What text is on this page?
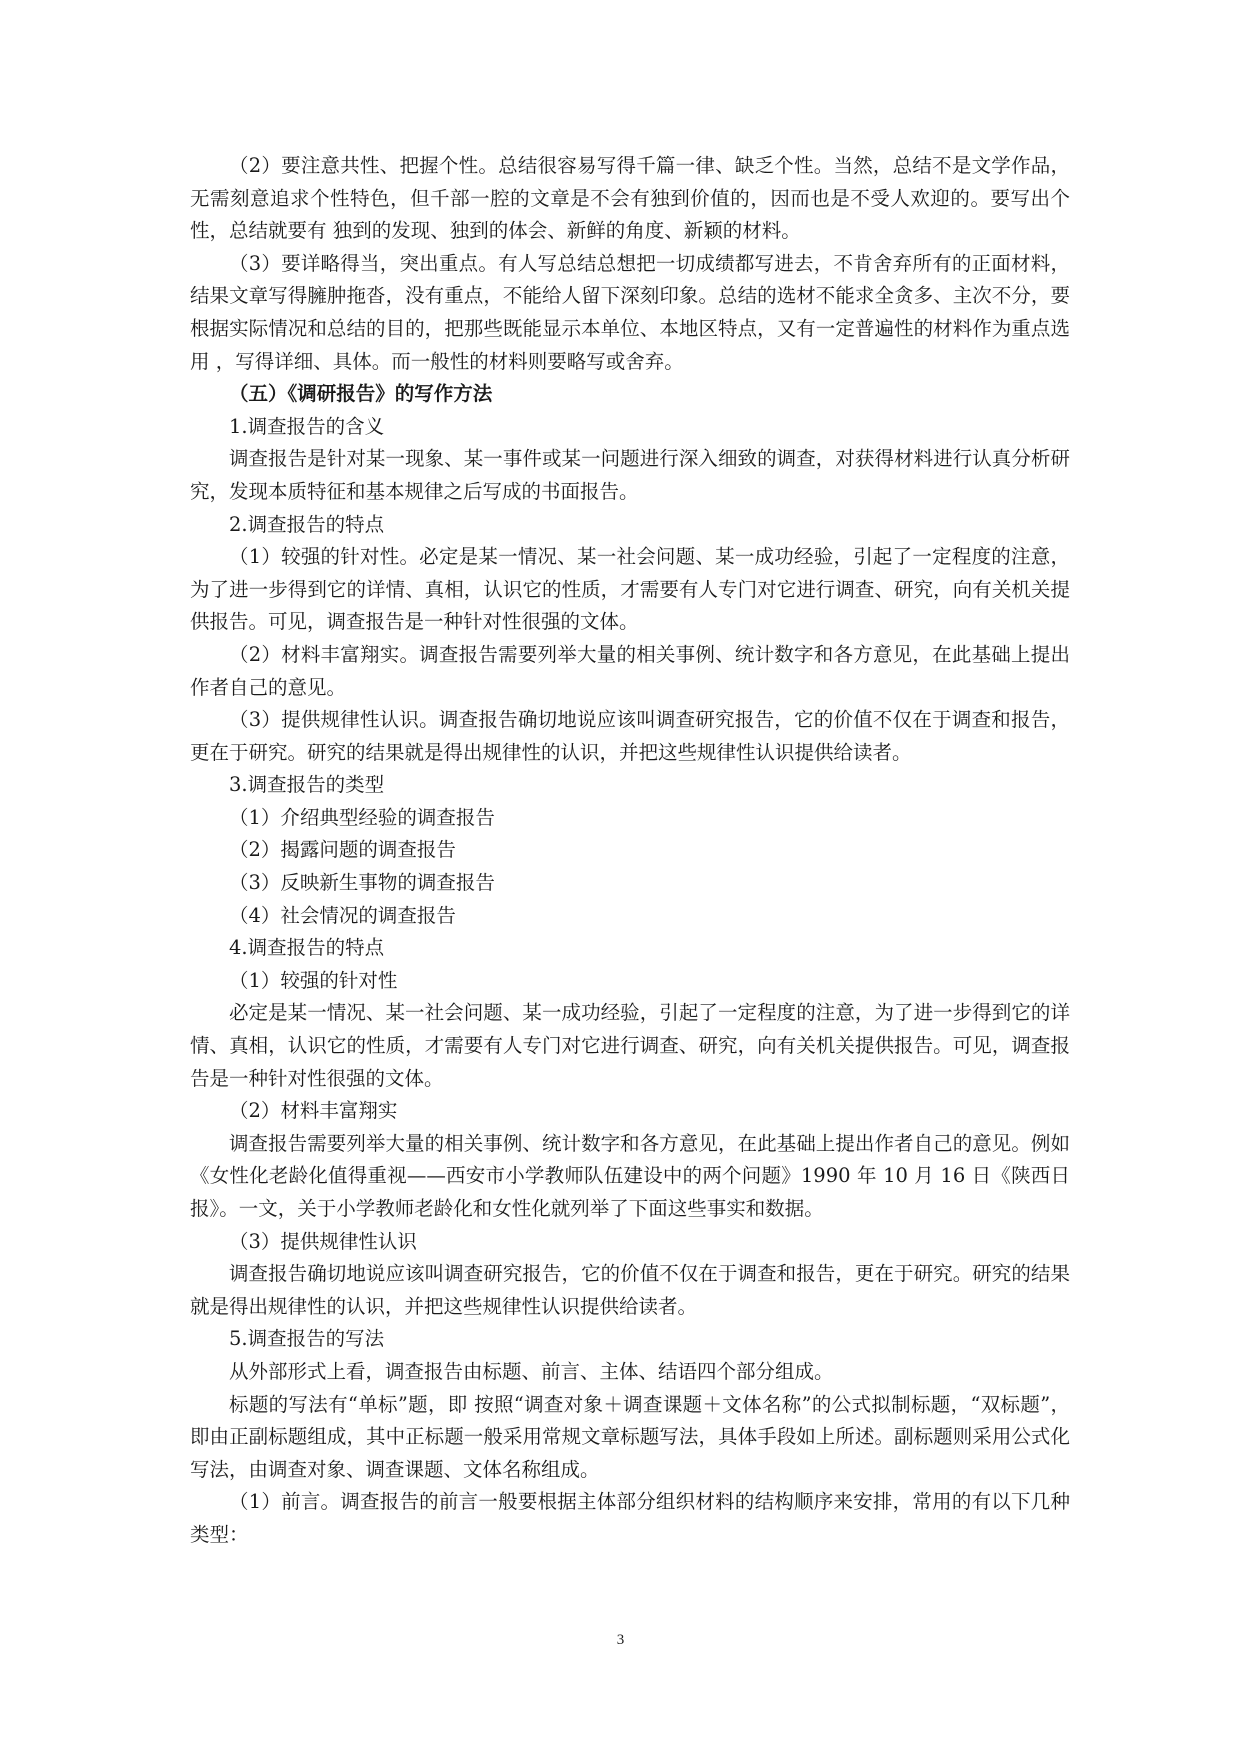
（2）要注意共性、把握个性。总结很容易写得千篇一律、缺乏个性。当然，总结不是文学作品，无需刻意追求个性特色，但千部一腔的文章是不会有独到价值的，因而也是不受人欢迎的。要写出个性，总结就要有 独到的发现、独到的体会、新鲜的角度、新颖的材料。

（3）要详略得当，突出重点。有人写总结总想把一切成绩都写进去，不肯舍弃所有的正面材料，结果文章写得臃肿拖沓，没有重点，不能给人留下深刻印象。总结的选材不能求全贪多、主次不分，要根据实际情况和总结的目的，把那些既能显示本单位、本地区特点，又有一定普遍性的材料作为重点选用 ，写得详细、具体。而一般性的材料则要略写或舍弃。

（五）《调研报告》的写作方法

1.调查报告的含义

调查报告是针对某一现象、某一事件或某一问题进行深入细致的调查，对获得材料进行认真分析研究，发现本质特征和基本规律之后写成的书面报告。

2.调查报告的特点

（1）较强的针对性。必定是某一情况、某一社会问题、某一成功经验，引起了一定程度的注意，为了进一步得到它的详情、真相，认识它的性质，才需要有人专门对它进行调查、研究，向有关机关提供报告。可见，调查报告是一种针对性很强的文体。

（2）材料丰富翔实。调查报告需要列举大量的相关事例、统计数字和各方意见，在此基础上提出作者自己的意见。

（3）提供规律性认识。调查报告确切地说应该叫调查研究报告，它的价值不仅在于调查和报告，更在于研究。研究的结果就是得出规律性的认识，并把这些规律性认识提供给读者。

3.调查报告的类型

（1）介绍典型经验的调查报告

（2）揭露问题的调查报告

（3）反映新生事物的调查报告

（4）社会情况的调查报告

4.调查报告的特点

（1）较强的针对性

必定是某一情况、某一社会问题、某一成功经验，引起了一定程度的注意，为了进一步得到它的详情、真相，认识它的性质，才需要有人专门对它进行调查、研究，向有关机关提供报告。可见，调查报告是一种针对性很强的文体。

（2）材料丰富翔实

调查报告需要列举大量的相关事例、统计数字和各方意见，在此基础上提出作者自己的意见。例如《女性化老龄化值得重视——西安市小学教师队伍建设中的两个问题》1990 年 10 月 16 日《陕西日报》。一文，关于小学教师老龄化和女性化就列举了下面这些事实和数据。

（3）提供规律性认识

调查报告确切地说应该叫调查研究报告，它的价值不仅在于调查和报告，更在于研究。研究的结果就是得出规律性的认识，并把这些规律性认识提供给读者。

5.调查报告的写法

从外部形式上看，调查报告由标题、前言、主体、结语四个部分组成。

标题的写法有“单标”题，即 按照“调查对象＋调查课题＋文体名称”的公式拟制标题，“双标题”，即由正副标题组成，其中正标题一般采用常规文章标题写法，具体手段如上所述。副标题则采用公式化写法，由调查对象、调查课题、文体名称组成。

（1）前言。调查报告的前言一般要根据主体部分组织材料的结构顺序来安排，常用的有以下几种类型：

3
